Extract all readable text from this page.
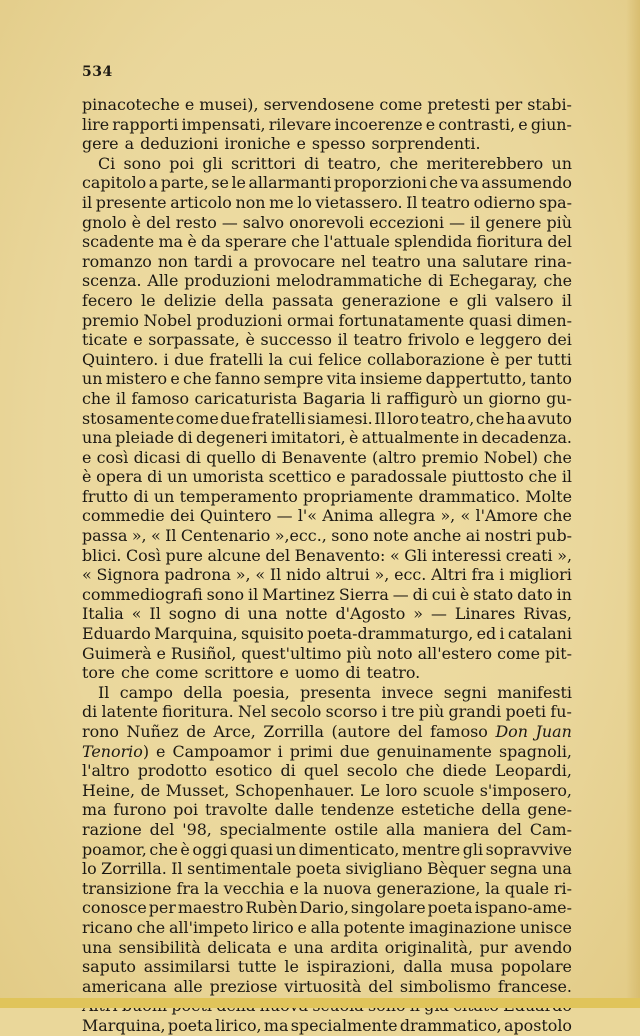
534
pinacoteche e musei), servendosene come pretesti per stabi-
lire rapporti impensati, rilevare incoerenze e contrasti, e giun-
gere a deduzioni ironiche e spesso sorprendenti.
Ci sono poi gli scrittori di teatro, che meriterebbero un
capitolo a parte, se le allarmanti proporzioni che va assumendo
il presente articolo non me lo vietassero. Il teatro odierno spa-
gnolo è del resto — salvo onorevoli eccezioni — il genere più
scadente ma è da sperare che l'attuale splendida fioritura del
romanzo non tardi a provocare nel teatro una salutare rina-
scenza. Alle produzioni melodrammatiche di Echegaray, che
fecero le delizie della passata generazione e gli valsero il
premio Nobel produzioni ormai fortunatamente quasi dimen-
ticate e sorpassate, è successo il teatro frivolo e leggero dei
Quintero. i due fratelli la cui felice collaborazione è per tutti
un mistero e che fanno sempre vita insieme dappertutto, tanto
che il famoso caricaturista Bagaria li raffigurò un giorno gu-
stosamente come due fratelli siamesi. Il loro teatro, che ha avuto
una pleiade di degeneri imitatori, è attualmente in decadenza.
e così dicasi di quello di Benavente (altro premio Nobel) che
è opera di un umorista scettico e paradossale piuttosto che il
frutto di un temperamento propriamente drammatico. Molte
commedie dei Quintero — l'« Anima allegra », « l'Amore che
passa », « Il Centenario »,ecc., sono note anche ai nostri pub-
blici. Così pure alcune del Benavento: « Gli interessi creati »,
« Signora padrona », « Il nido altrui », ecc. Altri fra i migliori
commediografi sono il Martinez Sierra — di cui è stato dato in
Italia « Il sogno di una notte d'Agosto » — Linares Rivas,
Eduardo Marquina, squisito poeta-drammaturgo, ed i catalani
Guimerà e Rusiñol, quest'ultimo più noto all'estero come pit-
tore che come scrittore e uomo di teatro.
Il campo della poesia, presenta invece segni manifesti
di latente fioritura. Nel secolo scorso i tre più grandi poeti fu-
rono Nuñez de Arce, Zorrilla (autore del famoso Don Juan
Tenorio) e Campoamor i primi due genuinamente spagnoli,
l'altro prodotto esotico di quel secolo che diede Leopardi,
Heine, de Musset, Schopenhauer. Le loro scuole s'imposero,
ma furono poi travolte dalle tendenze estetiche della gene-
razione del '98, specialmente ostile alla maniera del Cam-
poamor, che è oggi quasi un dimenticato, mentre gli sopravvive
lo Zorrilla. Il sentimentale poeta sivigliano Bèquer segna una
transizione fra la vecchia e la nuova generazione, la quale ri-
conosce per maestro Rubèn Dario, singolare poeta ispano-ame-
ricano che all'impeto lirico e alla potente imaginazione unisce
una sensibilità delicata e una ardita originalità, pur avendo
saputo assimilarsi tutte le ispirazioni, dalla musa popolare
americana alle preziose virtuosità del simbolismo francese.
Marquina, poeta lirico, ma specialmente drammatico, apostolo
